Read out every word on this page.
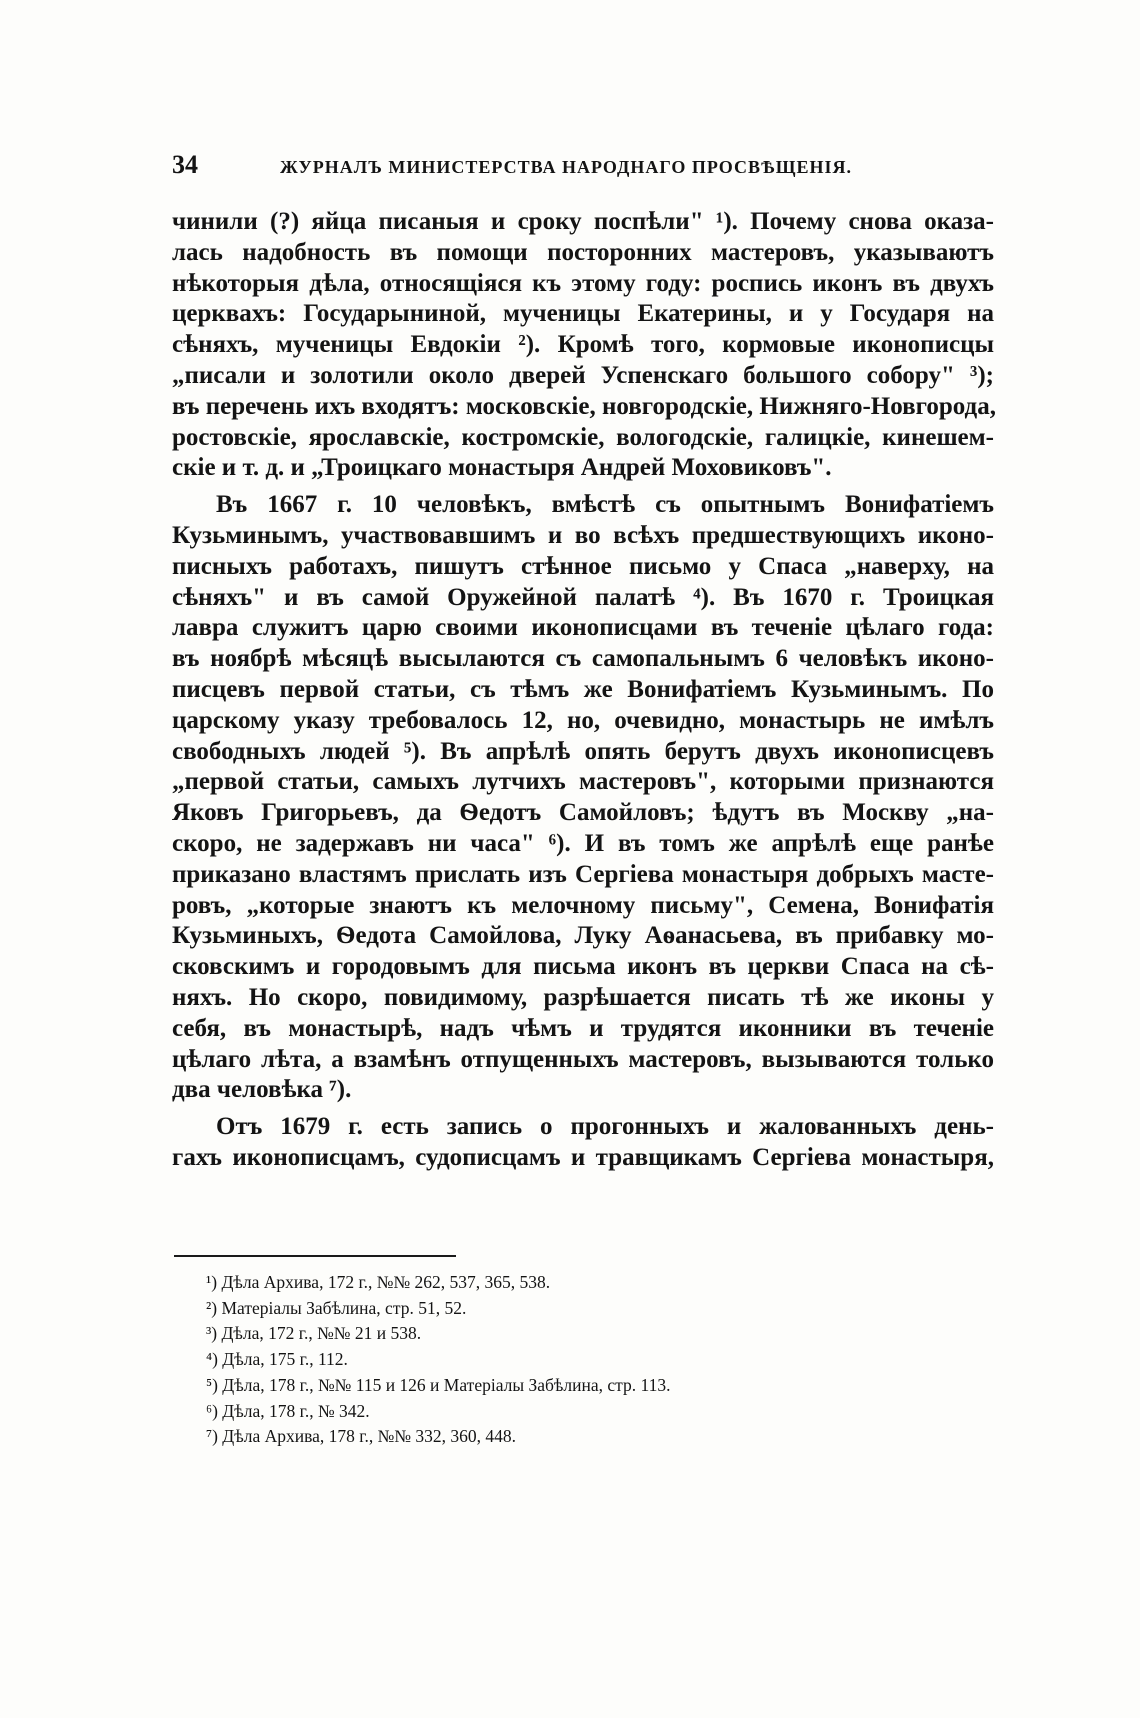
34	ЖУРНАЛЪ МИНИСТЕРСТВА НАРОДНАГО ПРОСВѢЩЕНІЯ.
чинили (?) яйца писаныя и сроку поспѣли" ¹). Почему снова оказа-
лась надобность въ помощи посторонних мастеровъ, указываютъ
нѣкоторыя дѣла, относящіяся къ этому году: роспись иконъ въ двухъ
церквахъ: Государыниной, мученицы Екатерины, и у Государя на
сѣняхъ, мученицы Евдокіи ²). Кромѣ того, кормовые иконописцы
„писали и золотили около дверей Успенскаго большого собору" ³);
въ перечень ихъ входятъ: московскіе, новгородскіе, Нижняго-Новгорода,
ростовскіе, ярославскіе, костромскіе, вологодскіе, галицкіе, кинешем-
скіе и т. д. и „Троицкаго монастыря Андрей Моховиковъ".
Въ 1667 г. 10 человѣкъ, вмѣстѣ съ опытнымъ Вонифатіемъ
Кузьминымъ, участвовавшимъ и во всѣхъ предшествующихъ иконо-
писныхъ работахъ, пишутъ стѣнное письмо у Спаса „наверху, на
сѣняхъ" и въ самой Оружейной палатѣ ⁴). Въ 1670 г. Троицкая
лавра служитъ царю своими иконописцами въ теченіе цѣлаго года:
въ ноябрѣ мѣсяцѣ высылаются съ самопальнымъ 6 человѣкъ иконо-
писцевъ первой статьи, съ тѣмъ же Вонифатіемъ Кузьминымъ. По
царскому указу требовалось 12, но, очевидно, монастырь не имѣлъ
свободныхъ людей ⁵). Въ апрѣлѣ опять берутъ двухъ иконописцевъ
„первой статьи, самыхъ лутчихъ мастеровъ", которыми признаются
Яковъ Григорьевъ, да Ѳедотъ Самойловъ; ѣдутъ въ Москву „на-
скоро, не задержавъ ни часа" ⁶). И въ томъ же апрѣлѣ еще ранѣе
приказано властямъ прислать изъ Сергіева монастыря добрыхъ масте-
ровъ, „которые знаютъ къ мелочному письму", Семена, Вонифатія
Кузьминыхъ, Ѳедота Самойлова, Луку Аѳанасьева, въ прибавку мо-
сковскимъ и городовымъ для письма иконъ въ церкви Спаса на сѣ-
няхъ. Но скоро, повидимому, разрѣшается писать тѣ же иконы у
себя, въ монастырѣ, надъ чѣмъ и трудятся иконники въ теченіе
цѣлаго лѣта, а взамѣнъ отпущенныхъ мастеровъ, вызываются только
два человѣка ⁷).
Отъ 1679 г. есть запись о прогонныхъ и жалованныхъ день-
гахъ иконописцамъ, судописцамъ и травщикамъ Сергіева монастыря,
¹) Дѣла Архива, 172 г., №№ 262, 537, 365, 538.
²) Матеріалы Забѣлина, стр. 51, 52.
³) Дѣла, 172 г., №№ 21 и 538.
⁴) Дѣла, 175 г., 112.
⁵) Дѣла, 178 г., №№ 115 и 126 и Матеріалы Забѣлина, стр. 113.
⁶) Дѣла, 178 г., № 342.
⁷) Дѣла Архива, 178 г., №№ 332, 360, 448.
